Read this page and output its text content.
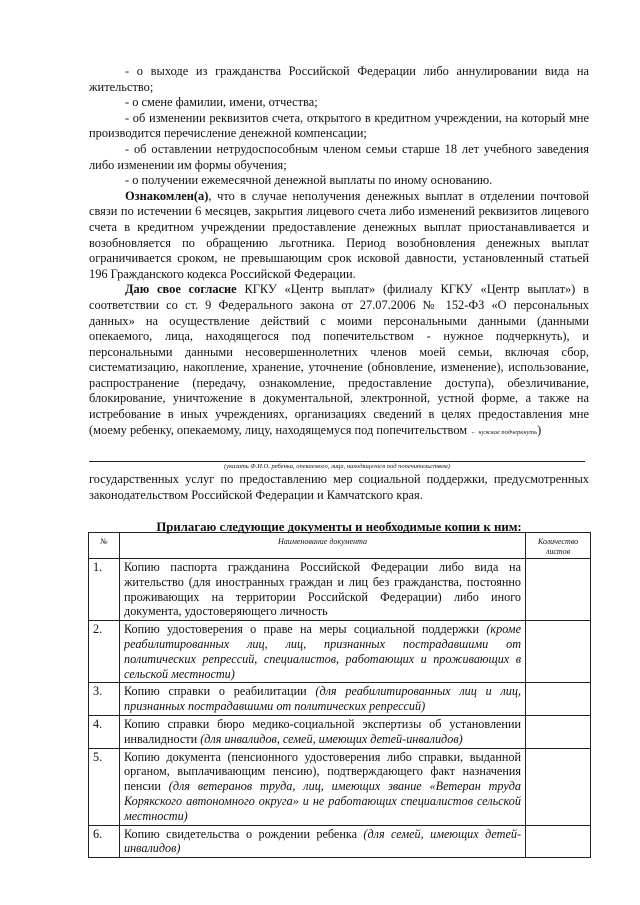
- о выходе из гражданства Российской Федерации либо аннулировании вида на жительство;

- о смене фамилии, имени, отчества;

- об изменении реквизитов счета, открытого в кредитном учреждении, на который мне производится перечисление денежной компенсации;

- об оставлении нетрудоспособным членом семьи старше 18 лет учебного заведения либо изменении им формы обучения;

- о получении ежемесячной денежной выплаты по иному основанию.

Ознакомлен(а), что в случае неполучения денежных выплат в отделении почтовой связи по истечении 6 месяцев, закрытия лицевого счета либо изменений реквизитов лицевого счета в кредитном учреждении предоставление денежных выплат приостанавливается и возобновляется по обращению льготника. Период возобновления денежных выплат ограничивается сроком, не превышающим срок исковой давности, установленный статьей 196 Гражданского кодекса Российской Федерации.

Даю свое согласие КГКУ «Центр выплат» (филиалу КГКУ «Центр выплат») в соответствии со ст. 9 Федерального закона от 27.07.2006 № 152-ФЗ «О персональных данных» на осуществление действий с моими персональными данными (данными опекаемого, лица, находящегося под попечительством - нужное подчеркнуть), и персональными данными несовершеннолетних членов моей семьи, включая сбор, систематизацию, накопление, хранение, уточнение (обновление, изменение), использование, распространение (передачу, ознакомление, предоставление доступа), обезличивание, блокирование, уничтожение в документальной, электронной, устной форме, а также на истребование в иных учреждениях, организациях сведений в целях предоставления мне (моему ребенку, опекаемому, лицу, находящемуся под попечительством ← нужное подчеркнуть)

(указать Ф.И.О. ребенка, опекаемого, лица, находящегося под попечительством)

государственных услуг по предоставлению мер социальной поддержки, предусмотренных законодательством Российской Федерации и Камчатского края.

Прилагаю следующие документы и необходимые копии к ним:
№	Наименование документа	Количество листов
1.	Копию паспорта гражданина Российской Федерации либо вида на жительство (для иностранных граждан и лиц без гражданства, постоянно проживающих на территории Российской Федерации) либо иного документа, удостоверяющего личность	
2.	Копию удостоверения о праве на меры социальной поддержки (кроме реабилитированных лиц, лиц, признанных пострадавшими от политических репрессий, специалистов, работающих и проживающих в сельской местности)	
3.	Копию справки о реабилитации (для реабилитированных лиц и лиц, признанных пострадавшими от политических репрессий)	
4.	Копию справки бюро медико-социальной экспертизы об установлении инвалидности (для инвалидов, семей, имеющих детей-инвалидов)	
5.	Копию документа (пенсионного удостоверения либо справки, выданной органом, выплачивающим пенсию), подтверждающего факт назначения пенсии (для ветеранов труда, лиц, имеющих звание «Ветеран труда Корякского автономного округа» и не работающих специалистов сельской местности)	
6.	Копию свидетельства о рождении ребенка (для семей, имеющих детей-инвалидов)	
